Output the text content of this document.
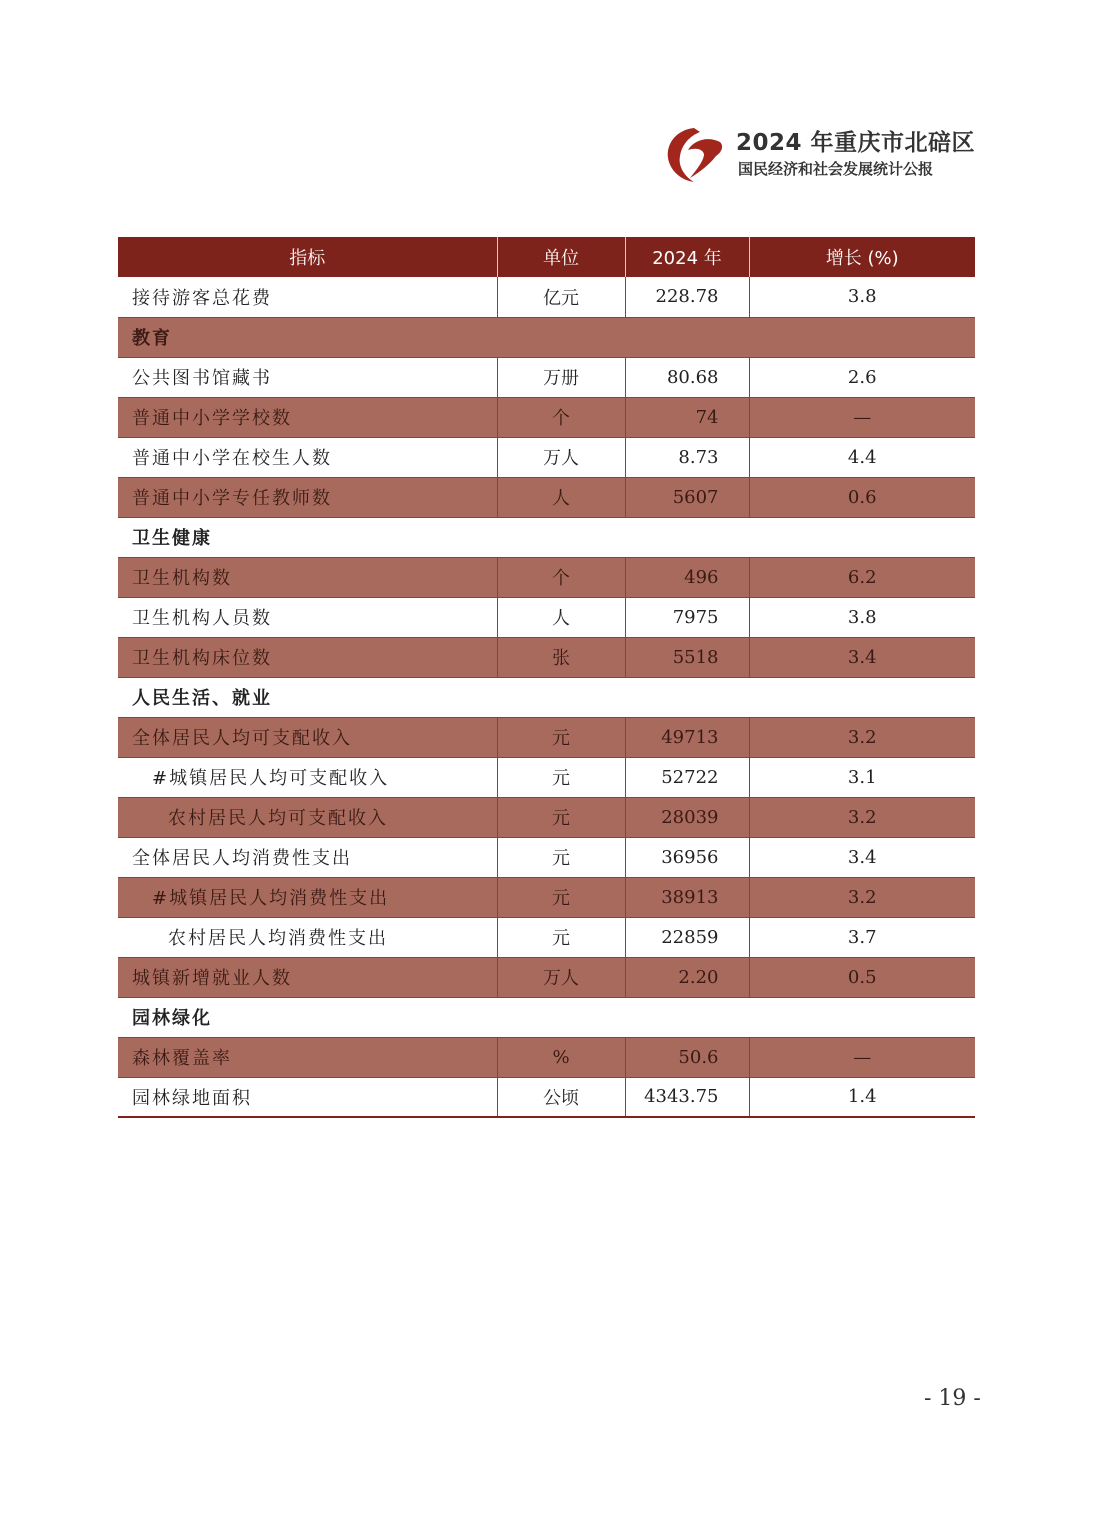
2024 年重庆市北碚区
国民经济和社会发展统计公报
指标	单位	2024 年	增长 (%)
接待游客总花费	亿元	228.78	3.8
教育			
公共图书馆藏书	万册	80.68	2.6
普通中小学学校数	个	74	—
普通中小学在校生人数	万人	8.73	4.4
普通中小学专任教师数	人	5607	0.6
卫生健康			
卫生机构数	个	496	6.2
卫生机构人员数	人	7975	3.8
卫生机构床位数	张	5518	3.4
人民生活、就业			
全体居民人均可支配收入	元	49713	3.2
#城镇居民人均可支配收入	元	52722	3.1
农村居民人均可支配收入	元	28039	3.2
全体居民人均消费性支出	元	36956	3.4
#城镇居民人均消费性支出	元	38913	3.2
农村居民人均消费性支出	元	22859	3.7
城镇新增就业人数	万人	2.20	0.5
园林绿化			
森林覆盖率	%	50.6	—
园林绿地面积	公顷	4343.75	1.4
- 19 -
